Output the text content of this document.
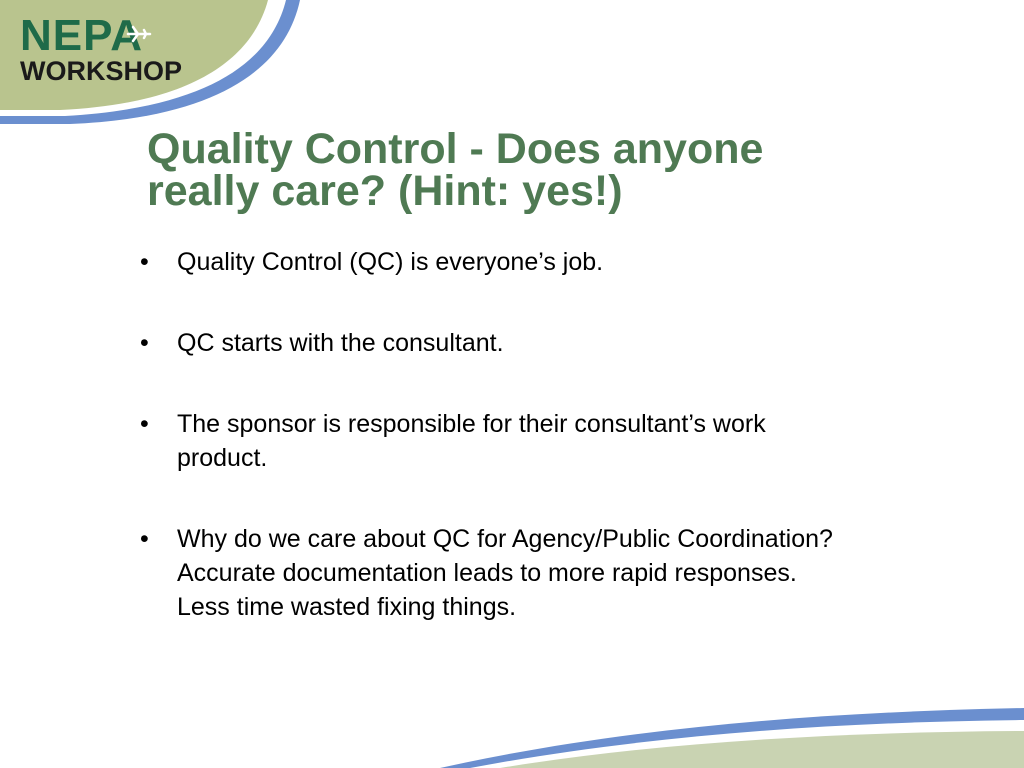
NEPA
WORKSHOP
Quality Control - Does anyone
really care? (Hint: yes!)
• Quality Control (QC) is everyone’s job.
• QC starts with the consultant.
• The sponsor is responsible for their consultant’s work
product.
• Why do we care about QC for Agency/Public Coordination?
Accurate documentation leads to more rapid responses.
Less time wasted fixing things.
